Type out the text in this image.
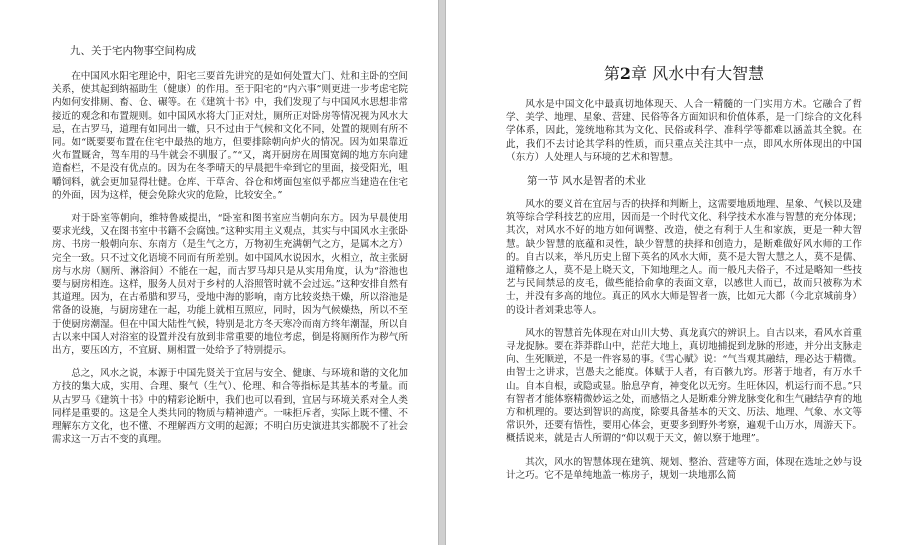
九、关于宅内物事空间构成

在中国风水阳宅理论中，阳宅三要首先讲究的是如何处置大门、灶和主卧的空间关系，使其起到纳福助生（健康）的作用。至于阳宅的“内六事”则更进一步考虑宅院内如何安排厕、畜、仓、碾等。在《建筑十书》中，我们发现了与中国风水思想非常接近的观念和布置规则。如中国风水将大门正对灶，厕所正对卧房等情况视为风水大忌，在古罗马，道理有如同出一辙，只不过由于气候和文化不同，处置的规则有所不同。如“既要要布置在住宅中最热的地方，但要排除朝向炉火的情况。因为如果靠近火布置厩舍，驾车用的马牛就会不驯服了。”“又，离开厨房在周围宽阔的地方东向建造畜栏，不是没有优点的。因为在冬季晴天的早晨把牛牵到它的里面，接受阳光，咀嚼饲料，就会更加显得壮健。仓库、干草舍、谷仓和烤面包室似乎都应当建造在住宅的外面，因为这样，便会免除火灾的危险，比较安全。”

对于卧室等朝向，维特鲁威提出，“卧室和图书室应当朝向东方。因为早晨使用要求光线，又在图书室中书籍不会腐蚀。”这种实用主义观点，其实与中国风水主张卧房、书房一般朝向东、东南方（是生气之方，万物初生充满朝气之方，是属木之方）完全一致。只不过文化语境不同而有所差别。如中国风水说因水，火相立，故主张厨房与水房（厕所、淋浴间）不能在一起，而古罗马却只是从实用角度，认为“浴池也要与厨房相连。这样，服务人员对于乡村的人浴照管时就不会过远。”这种安排自然有其道理。因为，在古希腊和罗马，受地中海的影响，南方比较炎热干燥，所以浴池是常备的设施，与厨房建在一起，功能上就相互照应，同时，因为气候燥热，所以不至于使厨房潮湿。但在中国大陆性气候，特别是北方冬天寒冷而南方终年潮湿，所以自古以来中国人对浴室的设置并没有放到非常重要的地位考虑，倒是将厕所作为秽气所出方，要压凶方，不宜厨、厕相置一处给予了特别提示。

总之，风水之说，本源于中国先贤关于宜居与安全、健康、与环境和谐的文化加方技的集大成，实用、合理、聚气（生气）、伦理、和合等指标是其基本的考量。而从古罗马《建筑十书》中的精彩论断中，我们也可以看到，宜居与环境关系对全人类同样是重要的。这是全人类共同的物质与精神遗产。一味拒斥者，实际上既不懂、不理解东方文化，也不懂、不理解西方文明的起源；不明白历史演进其实都脱不了社会需求这一万古不变的真理。

第2章 风水中有大智慧

风水是中国文化中最真切地体现天、人合一精髓的一门实用方术。它融合了哲学、美学、地理、星象、营建、民俗等各方面知识和价值体系，是一门综合的文化科学体系，因此，笼统地称其为文化、民俗或科学、准科学等都难以涵盖其全貌。在此，我们不去讨论其学科的性质，而只重点关注其中一点，即风水所体现出的中国（东方）人处理人与环境的艺术和智慧。

第一节 风水是智者的术业

风水的要义首在宜居与否的抉择和判断上，这需要地质地理、星象、气候以及建筑等综合学科技艺的应用，因而是一个时代文化、科学技术水准与智慧的充分体现；其次，对风水不好的地方如何调整、改造，使之有利于人生和家族，更是一种大智慧。缺少智慧的底蕴和灵性，缺少智慧的抉择和创造力，是断难做好风水师的工作的。自古以来，举凡历史上留下英名的风水大师，莫不是大智大慧之人，莫不是儒、道精修之人，莫不是上晓天文，下知地理之人。而一般凡夫俗子，不过是略知一些技艺与民间禁忌的皮毛，做些能拾俞拿的表面文章，以感世人而已，故而只被称为术士，并没有多高的地位。真正的风水大师是智者一族，比如元大都（今北京城前身）的设计者刘秉忠等人。

风水的智慧首先体现在对山川大势、真龙真穴的辨识上。自古以来，看风水首重寻龙捉脉。要在莽莽群山中，茫茫大地上，真切地捕捉到龙脉的形迹，并分出支脉走向、生死顺逆，不是一件容易的事。《雪心赋》说：“气当观其融结，理必达于精微。由智士之讲求，岂愚夫之能度。体赋于人者，有百骸九窍。形著于地者，有万水千山。自本自根，或隐或显。胎息孕育，神变化以无穷。生旺休囚，机运行而不息。”只有智者才能体察精微妙运之处，而感悟之人是断难分辨龙脉变化和生气融结孕育的地方和机理的。要达到智识的高度，除要具备基本的天文、历法、地理、气象、水文等常识外，还要有悟性，要用心体会，更要多到野外考察，遍观千山万水，周游天下。概括说来，就是古人所谓的“仰以观于天文，俯以察于地理”。

其次，风水的智慧体现在建筑、规划、整治、营建等方面，体现在选址之妙与设计之巧。它不是单纯地盖一栋房子，规划一块地那么简
